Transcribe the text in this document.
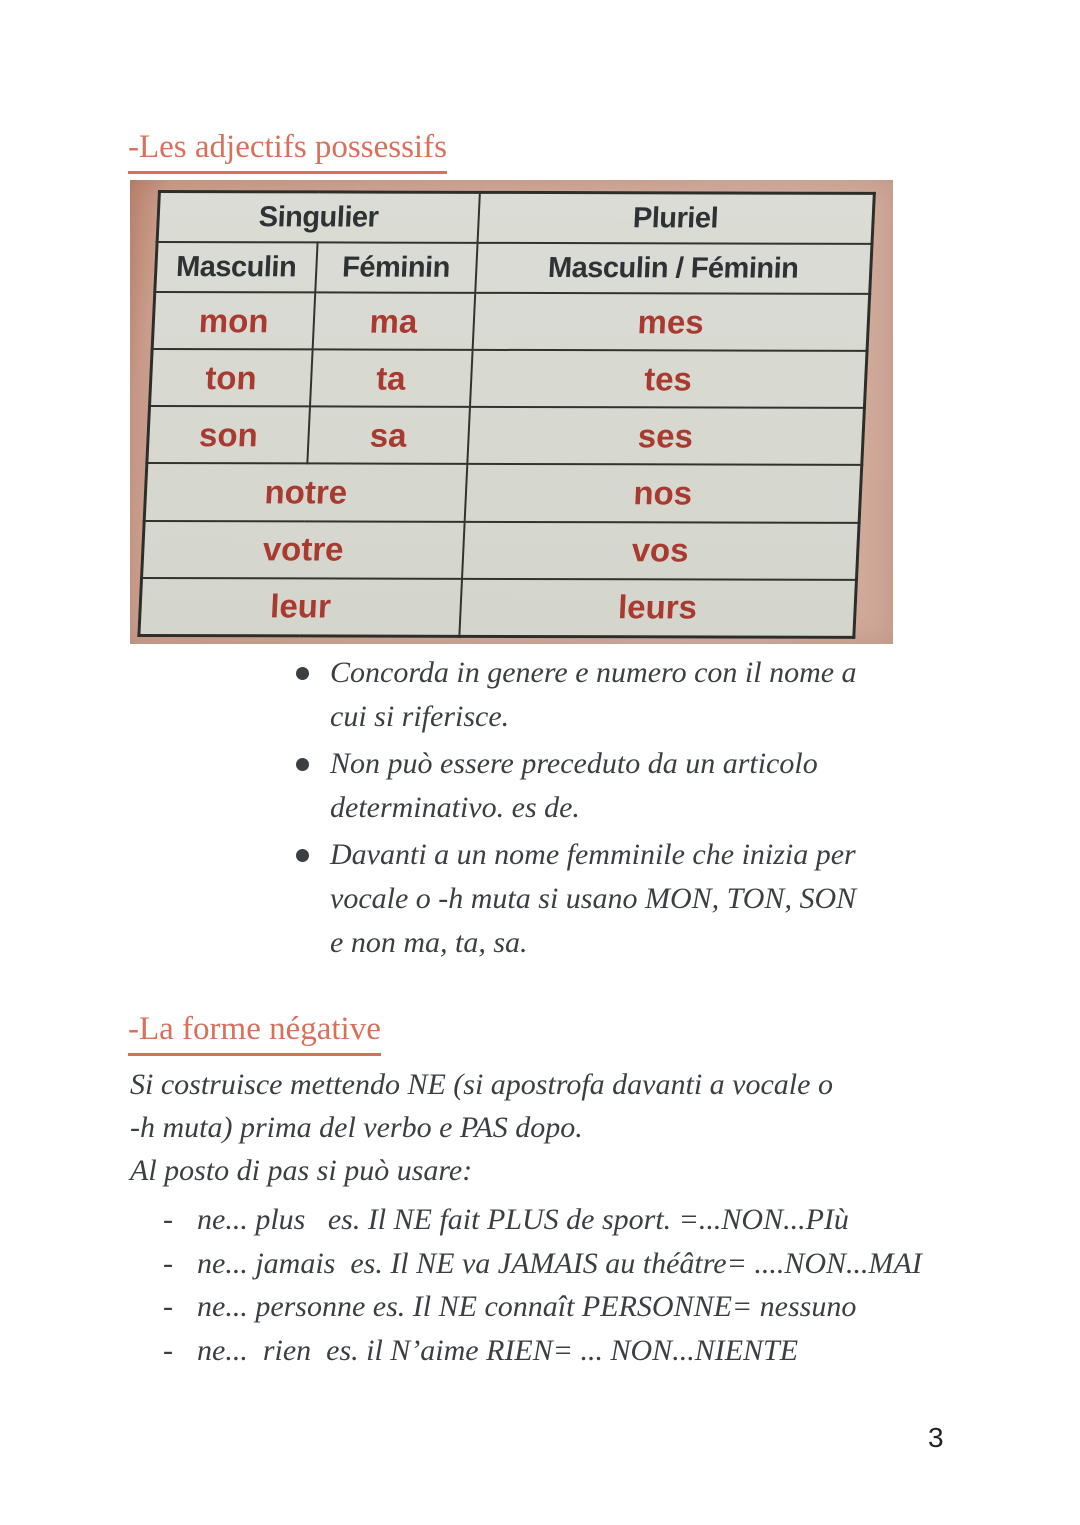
-Les adjectifs possessifs
Singulier		Pluriel
Masculin	Féminin	Masculin / Féminin
mon	ma	mes
ton	ta	tes
son	sa	ses
notre		nos
votre		vos
leur		leurs
Concorda in genere e numero con il nome a
cui si riferisce.
Non può essere preceduto da un articolo
determinativo. es de.
Davanti a un nome femminile che inizia per
vocale o -h muta si usano MON, TON, SON
e non ma, ta, sa.
-La forme négative
Si costruisce mettendo NE (si apostrofa davanti a vocale o
-h muta) prima del verbo e PAS dopo.
Al posto di pas si può usare:
- ne... plus   es. Il NE fait PLUS de sport. =...NON...PIù
- ne... jamais  es. Il NE va JAMAIS au théâtre= ....NON...MAI
- ne... personne es. Il NE connaît PERSONNE= nessuno
- ne...  rien  es. il N’aime RIEN= ... NON...NIENTE
3
